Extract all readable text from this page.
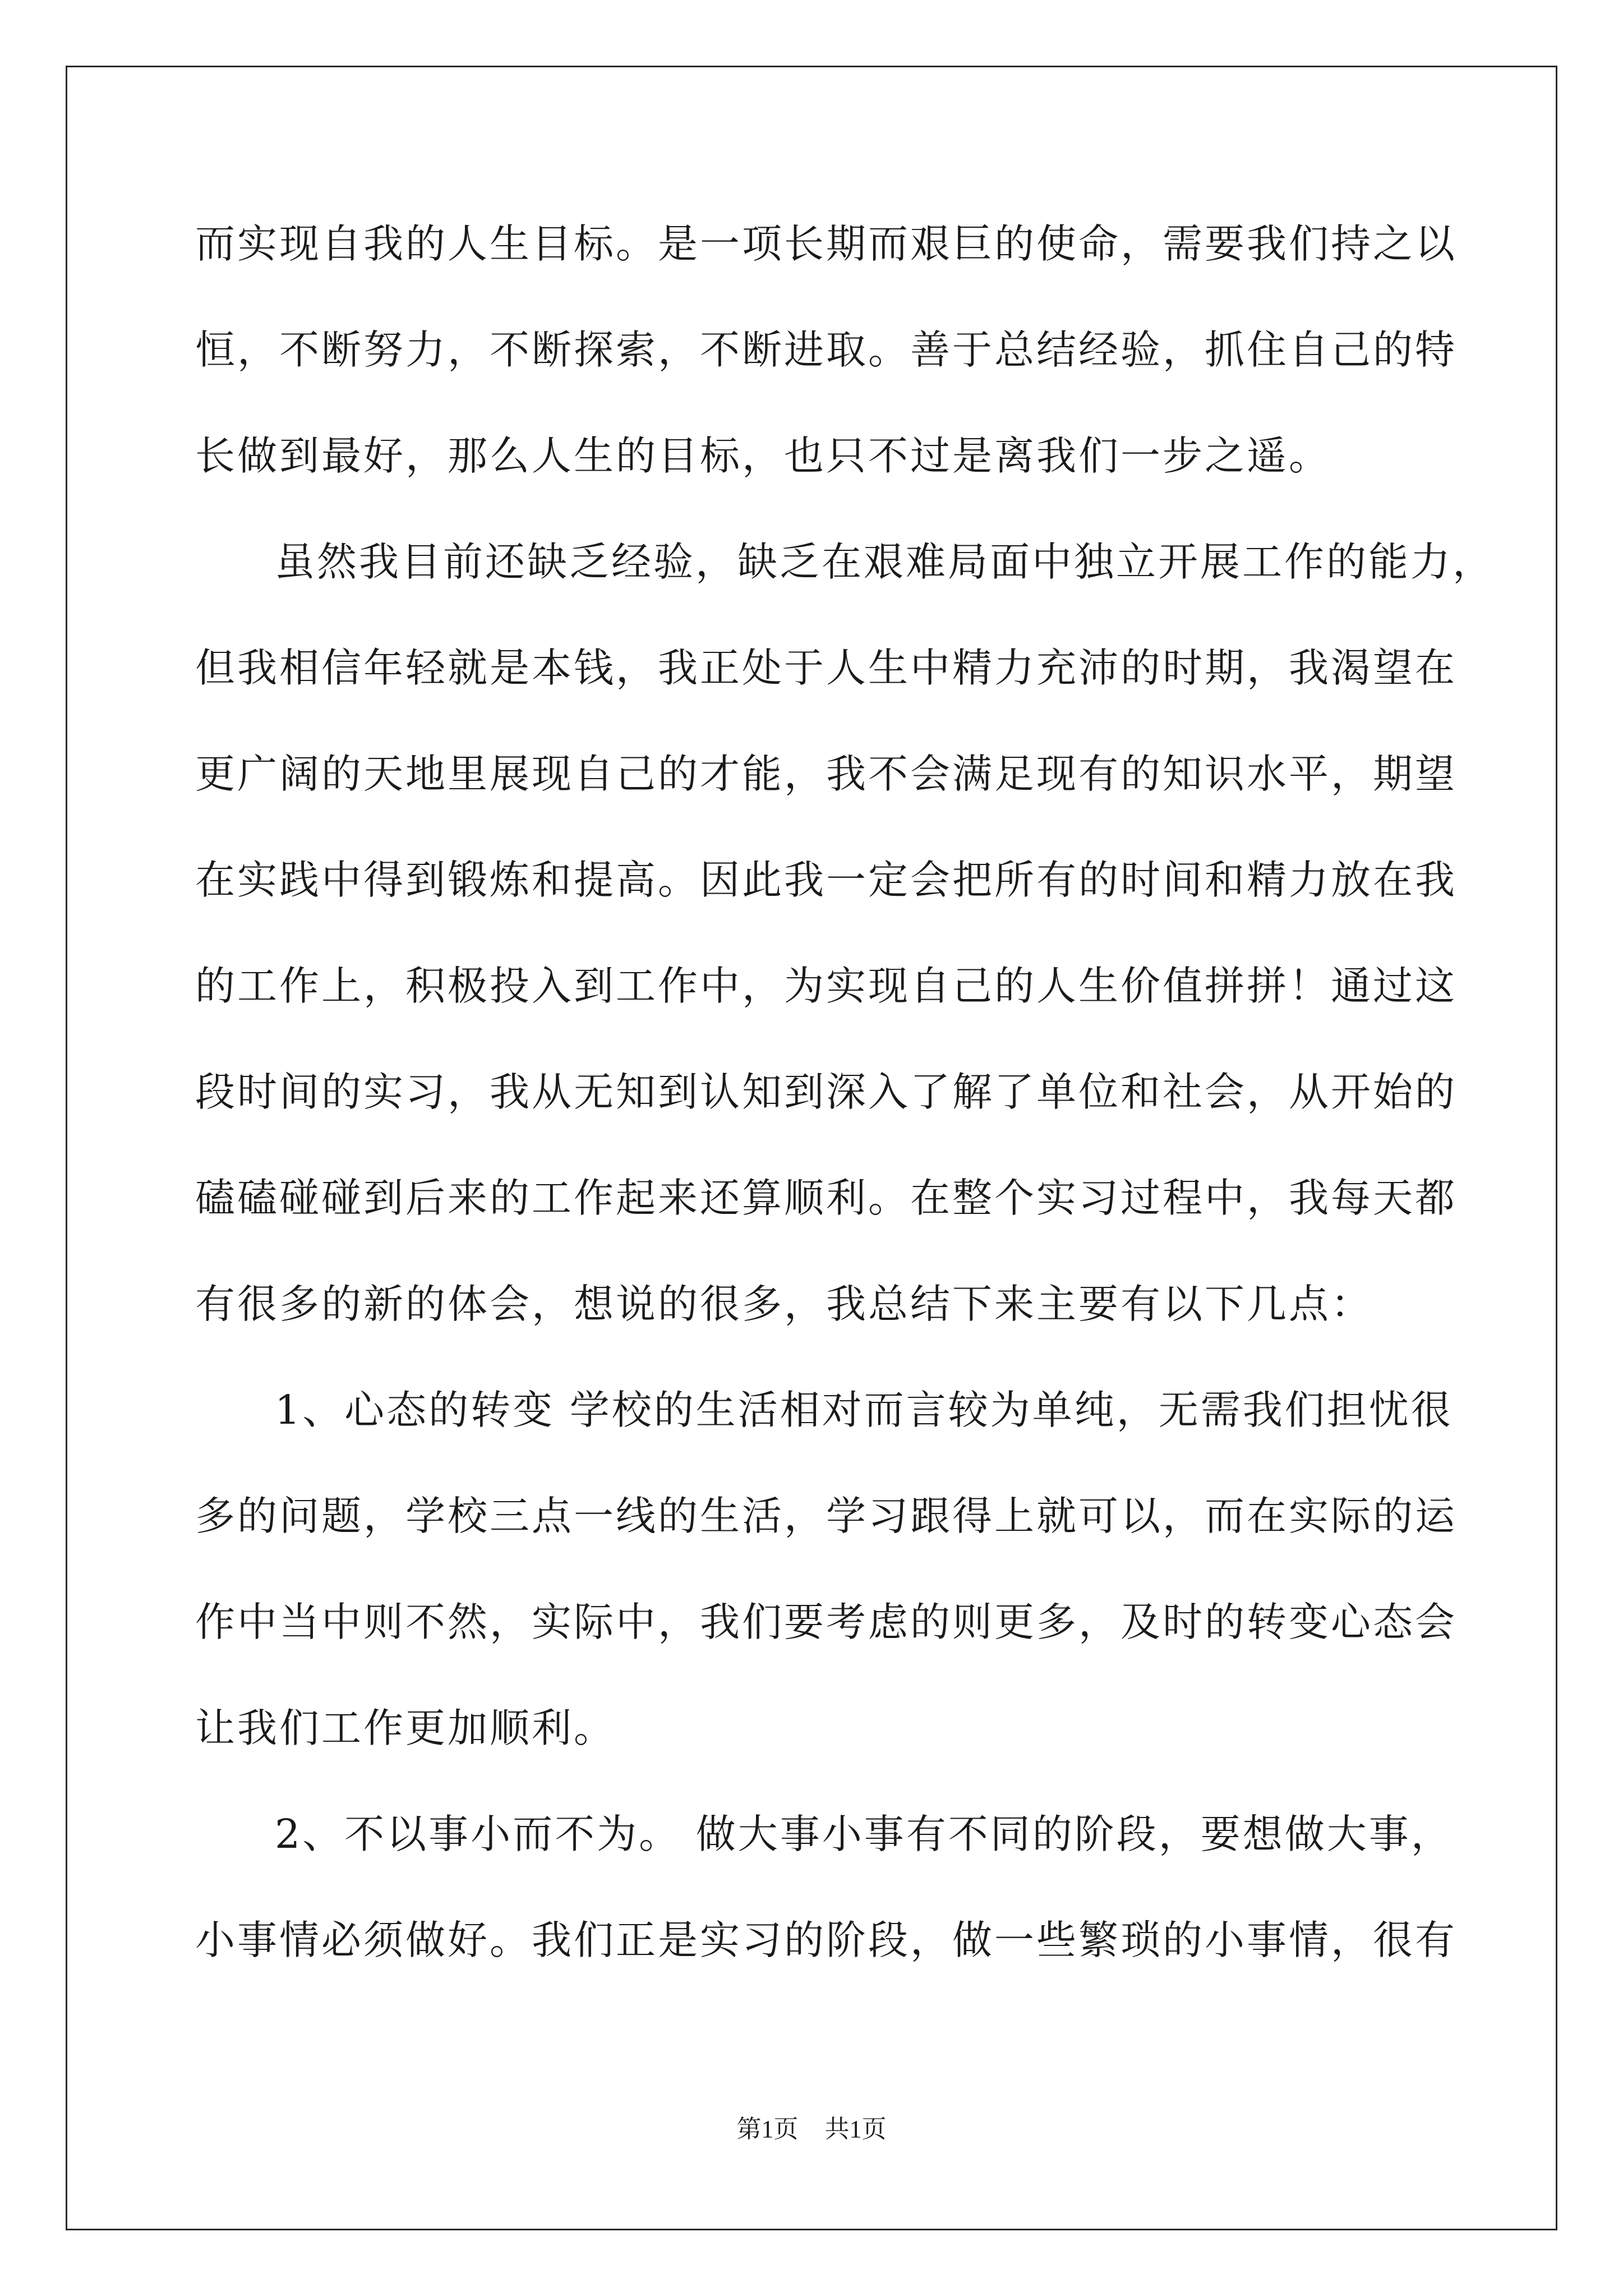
而实现自我的人生目标。是一项长期而艰巨的使命，需要我们持之以
恒，不断努力，不断探索，不断进取。善于总结经验，抓住自己的特
长做到最好，那么人生的目标，也只不过是离我们一步之遥。
虽然我目前还缺乏经验，缺乏在艰难局面中独立开展工作的能力，
但我相信年轻就是本钱，我正处于人生中精力充沛的时期，我渴望在
更广阔的天地里展现自己的才能，我不会满足现有的知识水平，期望
在实践中得到锻炼和提高。因此我一定会把所有的时间和精力放在我
的工作上，积极投入到工作中，为实现自己的人生价值拼拼！通过这
段时间的实习，我从无知到认知到深入了解了单位和社会，从开始的
磕磕碰碰到后来的工作起来还算顺利。在整个实习过程中，我每天都
有很多的新的体会，想说的很多，我总结下来主要有以下几点：
1、心态的转变 学校的生活相对而言较为单纯，无需我们担忧很
多的问题，学校三点一线的生活，学习跟得上就可以，而在实际的运
作中当中则不然，实际中，我们要考虑的则更多，及时的转变心态会
让我们工作更加顺利。
2、不以事小而不为。 做大事小事有不同的阶段，要想做大事，
小事情必须做好。我们正是实习的阶段，做一些繁琐的小事情，很有
第1页 共1页
